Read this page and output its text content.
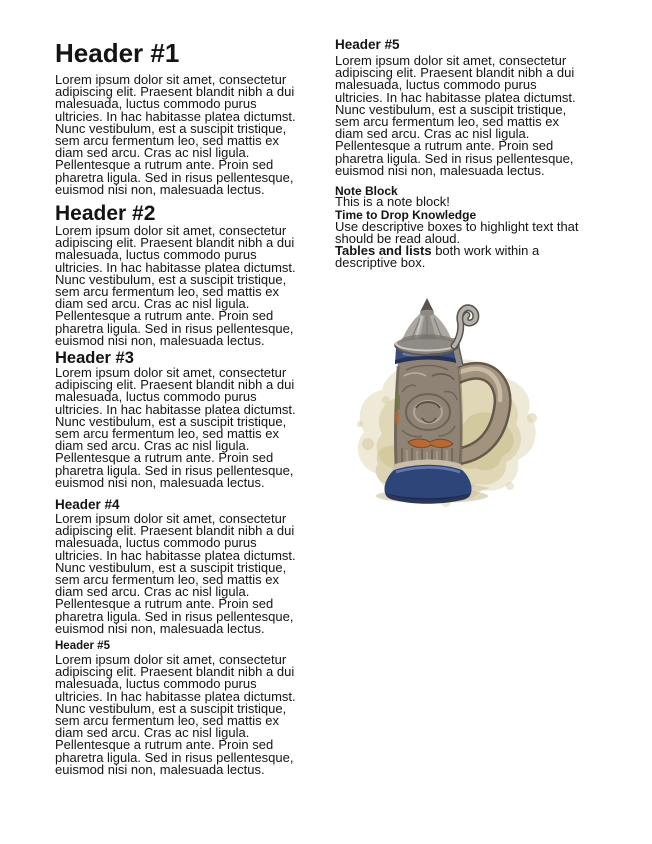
Header #1
Lorem ipsum dolor sit amet, consectetur adipiscing elit. Praesent blandit nibh a dui malesuada, luctus commodo purus ultricies. In hac habitasse platea dictumst. Nunc vestibulum, est a suscipit tristique, sem arcu fermentum leo, sed mattis ex diam sed arcu. Cras ac nisl ligula. Pellentesque a rutrum ante. Proin sed pharetra ligula. Sed in risus pellentesque, euismod nisi non, malesuada lectus.
Header #2
Lorem ipsum dolor sit amet, consectetur adipiscing elit. Praesent blandit nibh a dui malesuada, luctus commodo purus ultricies. In hac habitasse platea dictumst. Nunc vestibulum, est a suscipit tristique, sem arcu fermentum leo, sed mattis ex diam sed arcu. Cras ac nisl ligula. Pellentesque a rutrum ante. Proin sed pharetra ligula. Sed in risus pellentesque, euismod nisi non, malesuada lectus.
Header #3
Lorem ipsum dolor sit amet, consectetur adipiscing elit. Praesent blandit nibh a dui malesuada, luctus commodo purus ultricies. In hac habitasse platea dictumst. Nunc vestibulum, est a suscipit tristique, sem arcu fermentum leo, sed mattis ex diam sed arcu. Cras ac nisl ligula. Pellentesque a rutrum ante. Proin sed pharetra ligula. Sed in risus pellentesque, euismod nisi non, malesuada lectus.
Header #4
Lorem ipsum dolor sit amet, consectetur adipiscing elit. Praesent blandit nibh a dui malesuada, luctus commodo purus ultricies. In hac habitasse platea dictumst. Nunc vestibulum, est a suscipit tristique, sem arcu fermentum leo, sed mattis ex diam sed arcu. Cras ac nisl ligula. Pellentesque a rutrum ante. Proin sed pharetra ligula. Sed in risus pellentesque, euismod nisi non, malesuada lectus.
Header #5
Lorem ipsum dolor sit amet, consectetur adipiscing elit. Praesent blandit nibh a dui malesuada, luctus commodo purus ultricies. In hac habitasse platea dictumst. Nunc vestibulum, est a suscipit tristique, sem arcu fermentum leo, sed mattis ex diam sed arcu. Cras ac nisl ligula. Pellentesque a rutrum ante. Proin sed pharetra ligula. Sed in risus pellentesque, euismod nisi non, malesuada lectus.
Header #5
Lorem ipsum dolor sit amet, consectetur adipiscing elit. Praesent blandit nibh a dui malesuada, luctus commodo purus ultricies. In hac habitasse platea dictumst. Nunc vestibulum, est a suscipit tristique, sem arcu fermentum leo, sed mattis ex diam sed arcu. Cras ac nisl ligula. Pellentesque a rutrum ante. Proin sed pharetra ligula. Sed in risus pellentesque, euismod nisi non, malesuada lectus.
Note Block
This is a note block!
Time to Drop Knowledge
Use descriptive boxes to highlight text that should be read aloud.
Tables and lists both work within a descriptive box.
